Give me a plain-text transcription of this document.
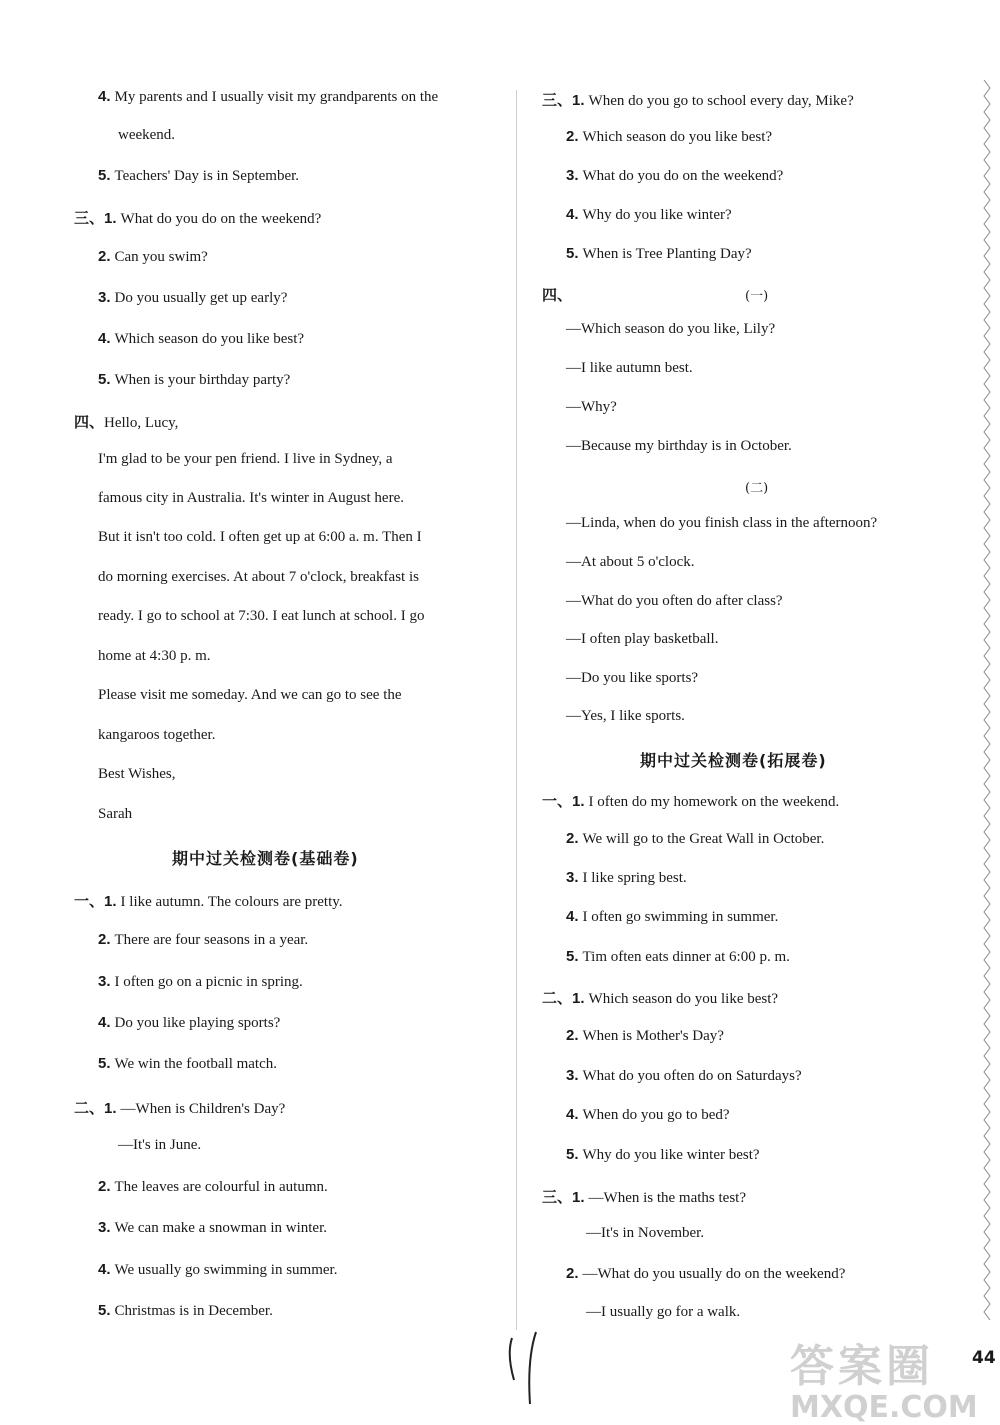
4. My parents and I usually visit my grandparents on the
weekend.
5. Teachers' Day is in September.
三、1. What do you do on the weekend?
2. Can you swim?
3. Do you usually get up early?
4. Which season do you like best?
5. When is your birthday party?
四、Hello, Lucy,
I'm glad to be your pen friend. I live in Sydney, a
famous city in Australia. It's winter in August here.
But it isn't too cold. I often get up at 6:00 a. m. Then I
do morning exercises. At about 7 o'clock, breakfast is
ready. I go to school at 7:30. I eat lunch at school. I go
home at 4:30 p. m.
Please visit me someday. And we can go to see the
kangaroos together.
Best Wishes,
Sarah
期中过关检测卷(基础卷)
一、1. I like autumn. The colours are pretty.
2. There are four seasons in a year.
3. I often go on a picnic in spring.
4. Do you like playing sports?
5. We win the football match.
二、1. —When is Children's Day?
—It's in June.
2. The leaves are colourful in autumn.
3. We can make a snowman in winter.
4. We usually go swimming in summer.
5. Christmas is in December.
三、1. When do you go to school every day, Mike?
2. Which season do you like best?
3. What do you do on the weekend?
4. Why do you like winter?
5. When is Tree Planting Day?
四、	(一)
—Which season do you like, Lily?
—I like autumn best.
—Why?
—Because my birthday is in October.
(二)
—Linda, when do you finish class in the afternoon?
—At about 5 o'clock.
—What do you often do after class?
—I often play basketball.
—Do you like sports?
—Yes, I like sports.
期中过关检测卷(拓展卷)
一、1. I often do my homework on the weekend.
2. We will go to the Great Wall in October.
3. I like spring best.
4. I often go swimming in summer.
5. Tim often eats dinner at 6:00 p. m.
二、1. Which season do you like best?
2. When is Mother's Day?
3. What do you often do on Saturdays?
4. When do you go to bed?
5. Why do you like winter best?
三、1. —When is the maths test?
—It's in November.
2. —What do you usually do on the weekend?
—I usually go for a walk.
答案圈
MXQE.COM
44
